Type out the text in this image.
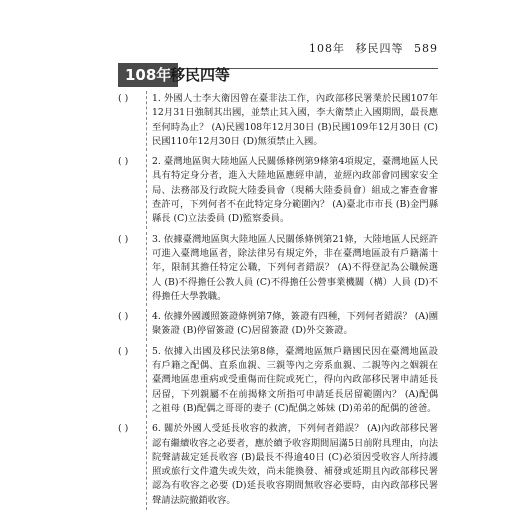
108年 移民四等 589
108年
移民四等
( )	1. 外國人士李大衛因曾在臺非法工作，內政部移民署業於民國107年12月31日強制其出國，並禁止其入國，李大衛禁止入國期間，最長應至何時為止？ (A)民國108年12月30日 (B)民國109年12月30日 (C)民國110年12月30日 (D)無須禁止入國。
( )	2. 臺灣地區與大陸地區人民關係條例第9條第4項規定，臺灣地區人民具有特定身分者，進入大陸地區應經申請，並經內政部會同國家安全局、法務部及行政院大陸委員會（現稱大陸委員會）組成之審查會審查許可，下列何者不在此特定身分範圍內？ (A)臺北市市長 (B)金門縣縣長 (C)立法委員 (D)監察委員。
( )	3. 依據臺灣地區與大陸地區人民關係條例第21條，大陸地區人民經許可進入臺灣地區者，除法律另有規定外，非在臺灣地區設有戶籍滿十年，限制其擔任特定公職，下列何者錯誤？ (A)不得登記為公職候選人 (B)不得擔任公教人員 (C)不得擔任公營事業機關（構）人員 (D)不得擔任大學教職。
( )	4. 依據外國護照簽證條例第7條，簽證有四種，下列何者錯誤？ (A)團聚簽證 (B)停留簽證 (C)居留簽證 (D)外交簽證。
( )	5. 依據入出國及移民法第8條，臺灣地區無戶籍國民因在臺灣地區設有戶籍之配偶、直系血親、三親等內之旁系血親、二親等內之姻親在臺灣地區患重病或受重傷而住院或死亡，得向內政部移民署申請延長居留，下列親屬不在前揭條文所指可申請延長居留範圍內？ (A)配偶之祖母 (B)配偶之哥哥的妻子 (C)配偶之姊妹 (D)弟弟的配偶的爸爸。
( )	6. 關於外國人受延長收容的救濟，下列何者錯誤？ (A)內政部移民署認有繼續收容之必要者，應於續予收容期間屆滿5日前附具理由，向法院聲請裁定延長收容 (B)最長不得逾40日 (C)必須因受收容人所持護照或旅行文件遺失或失效，尚未能換發、補發或延期且內政部移民署認為有收容之必要 (D)延長收容期間無收容必要時，由內政部移民署聲請法院撤銷收容。
